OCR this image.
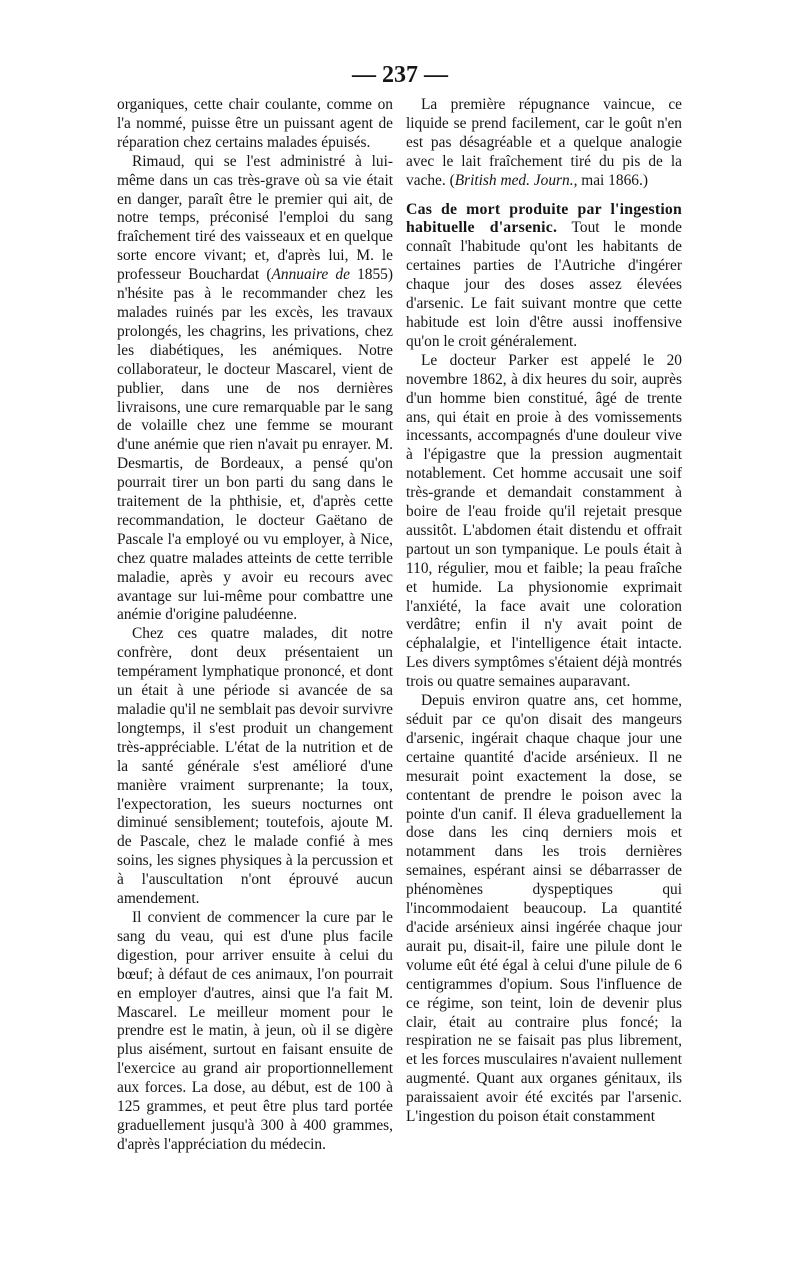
— 237 —

organiques, cette chair coulante, comme on l'a nommé, puisse être un puissant agent de réparation chez certains malades épuisés.

Rimaud, qui se l'est administré à lui-même dans un cas très-grave où sa vie était en danger, paraît être le premier qui ait, de notre temps, préconisé l'emploi du sang fraîchement tiré des vaisseaux et en quelque sorte encore vivant; et, d'après lui, M. le professeur Bouchardat (Annuaire de 1855) n'hésite pas à le recommander chez les malades ruinés par les excès, les travaux prolongés, les chagrins, les privations, chez les diabétiques, les anémiques. Notre collaborateur, le docteur Mascarel, vient de publier, dans une de nos dernières livraisons, une cure remarquable par le sang de volaille chez une femme se mourant d'une anémie que rien n'avait pu enrayer. M. Desmartis, de Bordeaux, a pensé qu'on pourrait tirer un bon parti du sang dans le traitement de la phthisie, et, d'après cette recommandation, le docteur Gaëtano de Pascale l'a employé ou vu employer, à Nice, chez quatre malades atteints de cette terrible maladie, après y avoir eu recours avec avantage sur lui-même pour combattre une anémie d'origine paludéenne.

Chez ces quatre malades, dit notre confrère, dont deux présentaient un tempérament lymphatique prononcé, et dont un était à une période si avancée de sa maladie qu'il ne semblait pas devoir survivre longtemps, il s'est produit un changement très-appréciable. L'état de la nutrition et de la santé générale s'est amélioré d'une manière vraiment surprenante; la toux, l'expectoration, les sueurs nocturnes ont diminué sensiblement; toutefois, ajoute M. de Pascale, chez le malade confié à mes soins, les signes physiques à la percussion et à l'auscultation n'ont éprouvé aucun amendement.

Il convient de commencer la cure par le sang du veau, qui est d'une plus facile digestion, pour arriver ensuite à celui du bœuf; à défaut de ces animaux, l'on pourrait en employer d'autres, ainsi que l'a fait M. Mascarel. Le meilleur moment pour le prendre est le matin, à jeun, où il se digère plus aisément, surtout en faisant ensuite de l'exercice au grand air proportionnellement aux forces. La dose, au début, est de 100 à 125 grammes, et peut être plus tard portée graduellement jusqu'à 300 à 400 grammes, d'après l'appréciation du médecin.

La première répugnance vaincue, ce liquide se prend facilement, car le goût n'en est pas désagréable et a quelque analogie avec le lait fraîchement tiré du pis de la vache. (British med. Journ., mai 1866.)

Cas de mort produite par l'ingestion habituelle d'arsenic. Tout le monde connaît l'habitude qu'ont les habitants de certaines parties de l'Autriche d'ingérer chaque jour des doses assez élevées d'arsenic. Le fait suivant montre que cette habitude est loin d'être aussi inoffensive qu'on le croit généralement.

Le docteur Parker est appelé le 20 novembre 1862, à dix heures du soir, auprès d'un homme bien constitué, âgé de trente ans, qui était en proie à des vomissements incessants, accompagnés d'une douleur vive à l'épigastre que la pression augmentait notablement. Cet homme accusait une soif très-grande et demandait constamment à boire de l'eau froide qu'il rejetait presque aussitôt. L'abdomen était distendu et offrait partout un son tympanique. Le pouls était à 110, régulier, mou et faible; la peau fraîche et humide. La physionomie exprimait l'anxiété, la face avait une coloration verdâtre; enfin il n'y avait point de céphalalgie, et l'intelligence était intacte. Les divers symptômes s'étaient déjà montrés trois ou quatre semaines auparavant.

Depuis environ quatre ans, cet homme, séduit par ce qu'on disait des mangeurs d'arsenic, ingérait chaque chaque jour une certaine quantité d'acide arsénieux. Il ne mesurait point exactement la dose, se contentant de prendre le poison avec la pointe d'un canif. Il éleva graduellement la dose dans les cinq derniers mois et notamment dans les trois dernières semaines, espérant ainsi se débarrasser de phénomènes dyspeptiques qui l'incommodaient beaucoup. La quantité d'acide arsénieux ainsi ingérée chaque jour aurait pu, disait-il, faire une pilule dont le volume eût été égal à celui d'une pilule de 6 centigrammes d'opium. Sous l'influence de ce régime, son teint, loin de devenir plus clair, était au contraire plus foncé; la respiration ne se faisait pas plus librement, et les forces musculaires n'avaient nullement augmenté. Quant aux organes génitaux, ils paraissaient avoir été excités par l'arsenic. L'ingestion du poison était constamment
